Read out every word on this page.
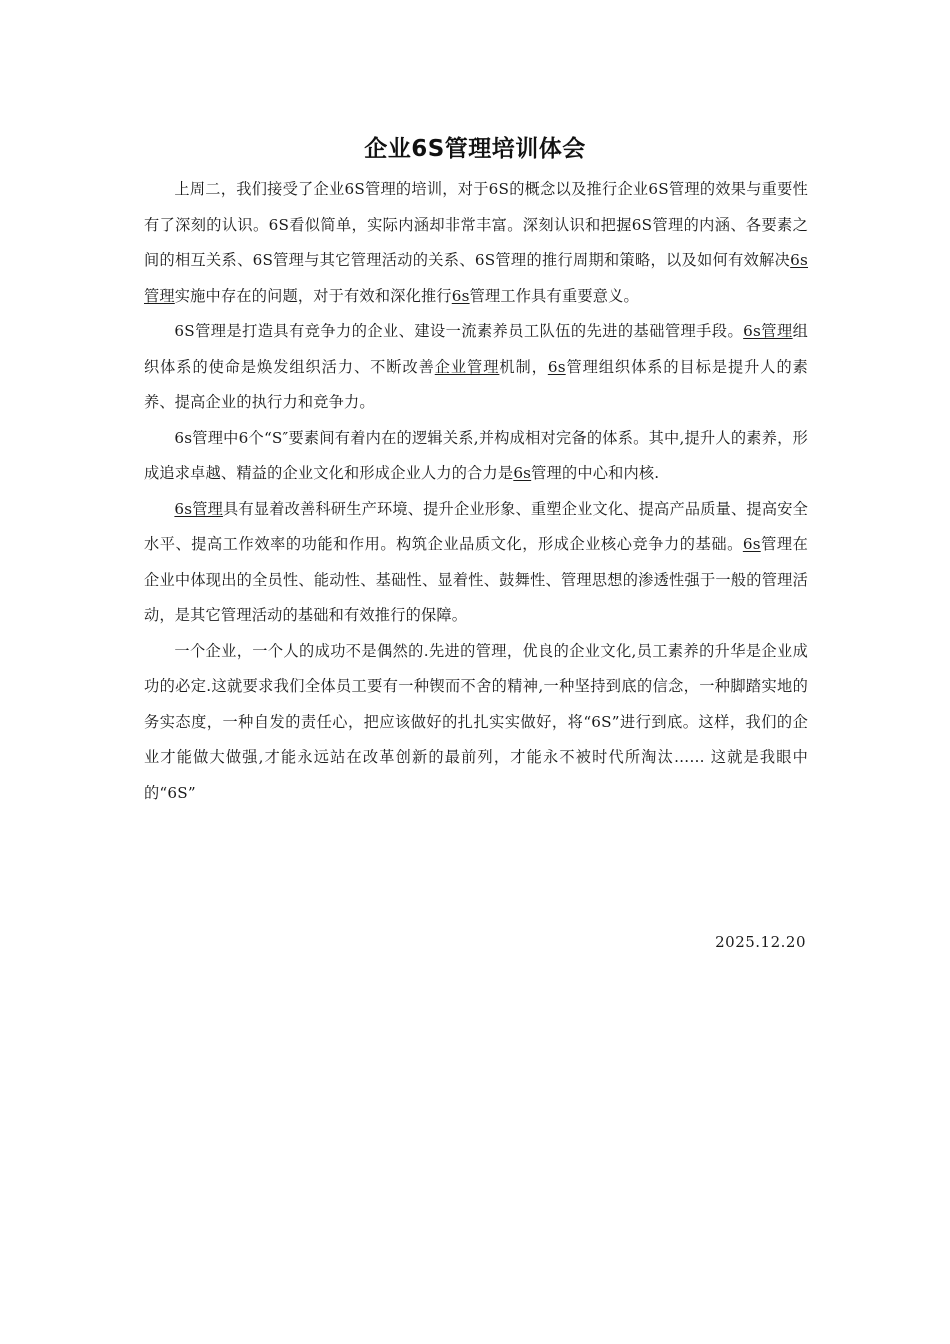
企业6S管理培训体会

上周二，我们接受了企业6S管理的培训，对于6S的概念以及推行企业6S管理的效果与重要性有了深刻的认识。6S看似简单，实际内涵却非常丰富。深刻认识和把握6S管理的内涵、各要素之间的相互关系、6S管理与其它管理活动的关系、6S管理的推行周期和策略，以及如何有效解决6s管理实施中存在的问题，对于有效和深化推行6s管理工作具有重要意义。

6S管理是打造具有竞争力的企业、建设一流素养员工队伍的先进的基础管理手段。6s管理组织体系的使命是焕发组织活力、不断改善企业管理机制，6s管理组织体系的目标是提升人的素养、提高企业的执行力和竞争力。

6s管理中6个“S″要素间有着内在的逻辑关系,并构成相对完备的体系。其中,提升人的素养，形成追求卓越、精益的企业文化和形成企业人力的合力是6s管理的中心和内核.

6s管理具有显着改善科研生产环境、提升企业形象、重塑企业文化、提高产品质量、提高安全水平、提高工作效率的功能和作用。构筑企业品质文化，形成企业核心竞争力的基础。6s管理在企业中体现出的全员性、能动性、基础性、显着性、鼓舞性、管理思想的渗透性强于一般的管理活动，是其它管理活动的基础和有效推行的保障。

一个企业，一个人的成功不是偶然的.先进的管理，优良的企业文化,员工素养的升华是企业成功的必定.这就要求我们全体员工要有一种锲而不舍的精神,一种坚持到底的信念，一种脚踏实地的务实态度，一种自发的责任心，把应该做好的扎扎实实做好，将“6S”进行到底。这样，我们的企业才能做大做强,才能永远站在改革创新的最前列，才能永不被时代所淘汰…… 这就是我眼中的“6S”

2025.12.20
